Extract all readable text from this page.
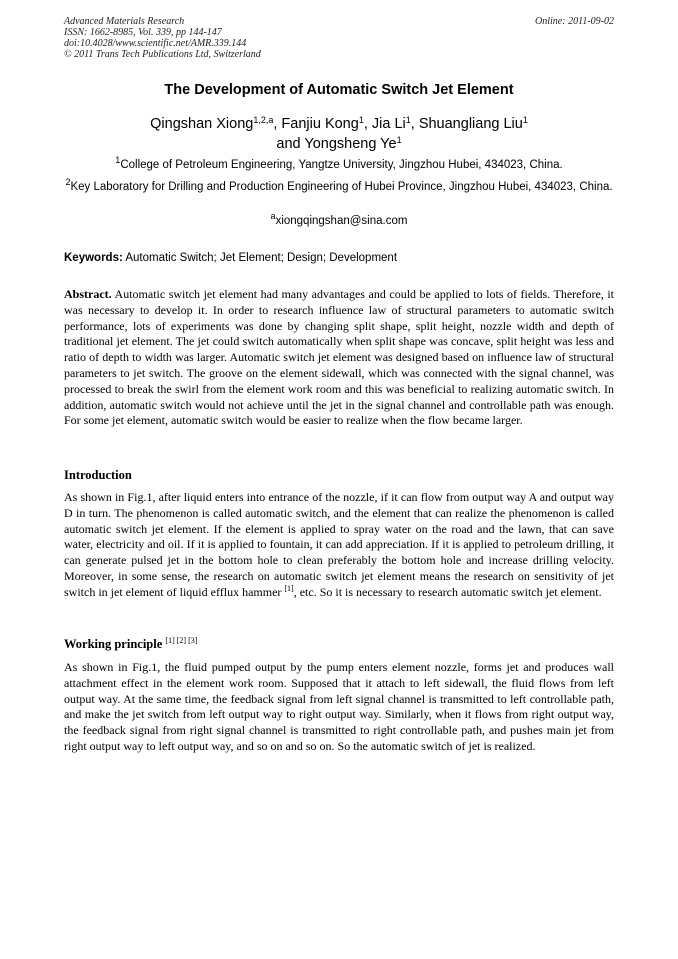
Advanced Materials Research
ISSN: 1662-8985, Vol. 339, pp 144-147
doi:10.4028/www.scientific.net/AMR.339.144
© 2011 Trans Tech Publications Ltd, Switzerland
Online: 2011-09-02
The Development of Automatic Switch Jet Element
Qingshan Xiong$^{1,2,a}$, Fanjiu Kong$^1$, Jia Li$^1$, Shuangliang Liu$^1$
and Yongsheng Ye$^1$
$^1$College of Petroleum Engineering, Yangtze University, Jingzhou Hubei, 434023, China.
$^2$Key Laboratory for Drilling and Production Engineering of Hubei Province, Jingzhou Hubei, 434023, China.
$^a$xiongqingshan@sina.com
Keywords: Automatic Switch; Jet Element; Design; Development
Abstract. Automatic switch jet element had many advantages and could be applied to lots of fields. Therefore, it was necessary to develop it. In order to research influence law of structural parameters to automatic switch performance, lots of experiments was done by changing split shape, split height, nozzle width and depth of traditional jet element. The jet could switch automatically when split shape was concave, split height was less and ratio of depth to width was larger. Automatic switch jet element was designed based on influence law of structural parameters to jet switch. The groove on the element sidewall, which was connected with the signal channel, was processed to break the swirl from the element work room and this was beneficial to realizing automatic switch. In addition, automatic switch would not achieve until the jet in the signal channel and controllable path was enough. For some jet element, automatic switch would be easier to realize when the flow became larger.
Introduction
As shown in Fig.1, after liquid enters into entrance of the nozzle, if it can flow from output way A and output way D in turn. The phenomenon is called automatic switch, and the element that can realize the phenomenon is called automatic switch jet element. If the element is applied to spray water on the road and the lawn, that can save water, electricity and oil. If it is applied to fountain, it can add appreciation. If it is applied to petroleum drilling, it can generate pulsed jet in the bottom hole to clean preferably the bottom hole and increase drilling velocity. Moreover, in some sense, the research on automatic switch jet element means the research on sensitivity of jet switch in jet element of liquid efflux hammer [1], etc. So it is necessary to research automatic switch jet element.
Working principle [1] [2] [3]
As shown in Fig.1, the fluid pumped output by the pump enters element nozzle, forms jet and produces wall attachment effect in the element work room. Supposed that it attach to left sidewall, the fluid flows from left output way. At the same time, the feedback signal from left signal channel is transmitted to left controllable path, and make the jet switch from left output way to right output way. Similarly, when it flows from right output way, the feedback signal from right signal channel is transmitted to right controllable path, and pushes main jet from right output way to left output way, and so on and so on. So the automatic switch of jet is realized.
